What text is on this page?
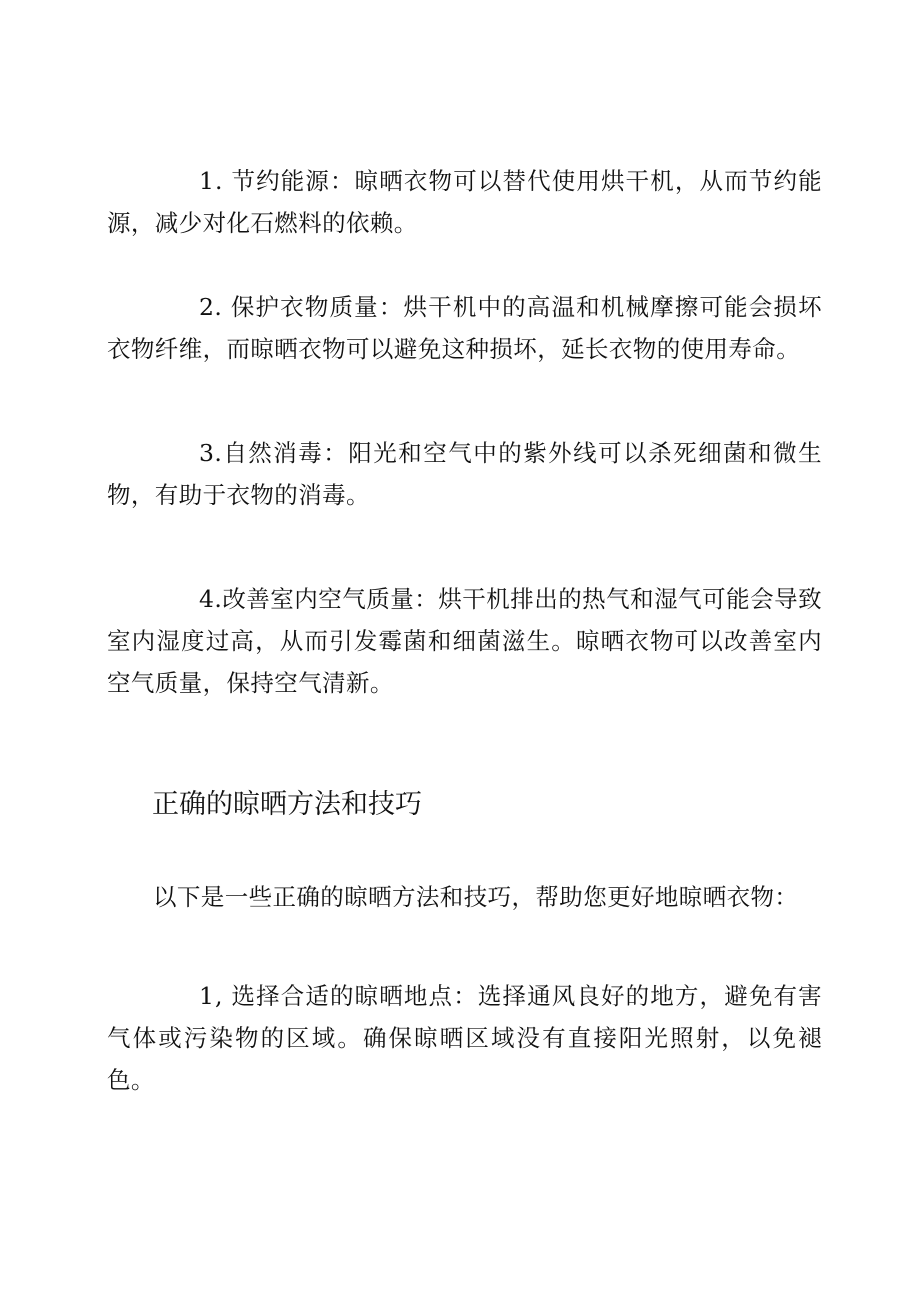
1. 节约能源：晾晒衣物可以替代使用烘干机，从而节约能源，减少对化石燃料的依赖。

2. 保护衣物质量：烘干机中的高温和机械摩擦可能会损坏衣物纤维，而晾晒衣物可以避免这种损坏，延长衣物的使用寿命。

3.自然消毒：阳光和空气中的紫外线可以杀死细菌和微生物，有助于衣物的消毒。

4.改善室内空气质量：烘干机排出的热气和湿气可能会导致室内湿度过高，从而引发霉菌和细菌滋生。晾晒衣物可以改善室内空气质量，保持空气清新。

正确的晾晒方法和技巧

以下是一些正确的晾晒方法和技巧，帮助您更好地晾晒衣物：

1, 选择合适的晾晒地点：选择通风良好的地方，避免有害气体或污染物的区域。确保晾晒区域没有直接阳光照射，以免褪色。
